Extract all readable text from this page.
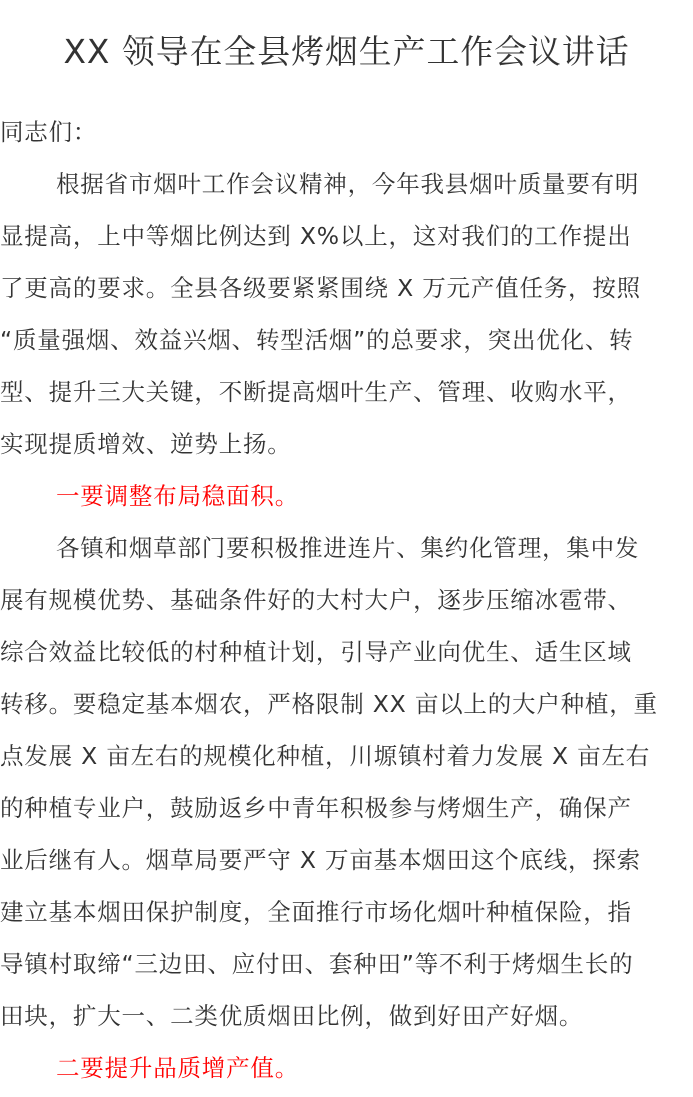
XX 领导在全县烤烟生产工作会议讲话
同志们：
根据省市烟叶工作会议精神，今年我县烟叶质量要有明
显提高，上中等烟比例达到 X%以上，这对我们的工作提出
了更高的要求。全县各级要紧紧围绕 X 万元产值任务，按照
“质量强烟、效益兴烟、转型活烟”的总要求，突出优化、转
型、提升三大关键，不断提高烟叶生产、管理、收购水平，
实现提质增效、逆势上扬。
一要调整布局稳面积。
各镇和烟草部门要积极推进连片、集约化管理，集中发
展有规模优势、基础条件好的大村大户，逐步压缩冰雹带、
综合效益比较低的村种植计划，引导产业向优生、适生区域
转移。要稳定基本烟农，严格限制 XX 亩以上的大户种植，重
点发展 X 亩左右的规模化种植，川塬镇村着力发展 X 亩左右
的种植专业户，鼓励返乡中青年积极参与烤烟生产，确保产
业后继有人。烟草局要严守 X 万亩基本烟田这个底线，探索
建立基本烟田保护制度，全面推行市场化烟叶种植保险，指
导镇村取缔“三边田、应付田、套种田”等不利于烤烟生长的
田块，扩大一、二类优质烟田比例，做到好田产好烟。
二要提升品质增产值。
